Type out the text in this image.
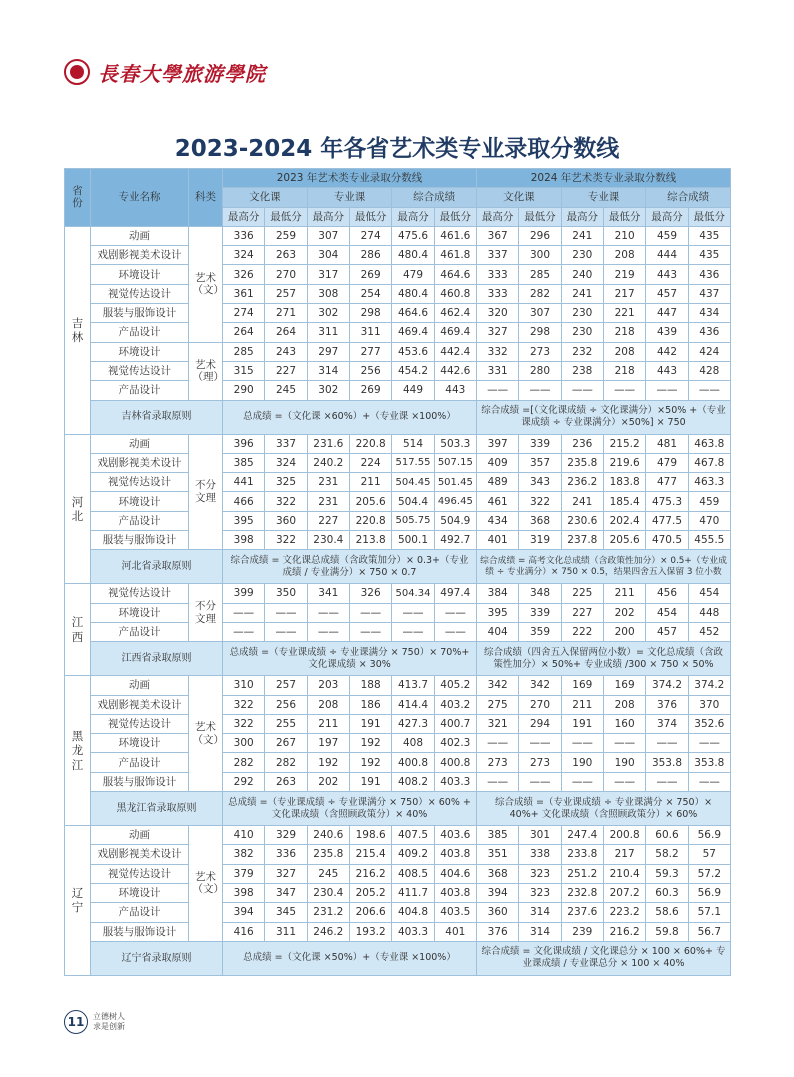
長春大學旅游學院
2023-2024 年各省艺术类专业录取分数线
省份	专业名称	科类	2023 年艺术类专业录取分数线						2024 年艺术类专业录取分数线					
			文化课		专业课		综合成绩		文化课		专业课		综合成绩	
			最高分	最低分	最高分	最低分	最高分	最低分	最高分	最低分	最高分	最低分	最高分	最低分
吉林	动画	艺术（文）	336	259	307	274	475.6	461.6	367	296	241	210	459	435
	戏剧影视美术设计		324	263	304	286	480.4	461.8	337	300	230	208	444	435
	环境设计		326	270	317	269	479	464.6	333	285	240	219	443	436
	视觉传达设计		361	257	308	254	480.4	460.8	333	282	241	217	457	437
	服装与服饰设计		274	271	302	298	464.6	462.4	320	307	230	221	447	434
	产品设计		264	264	311	311	469.4	469.4	327	298	230	218	439	436
	环境设计	艺术（理）	285	243	297	277	453.6	442.4	332	273	232	208	442	424
	视觉传达设计		315	227	314	256	454.2	442.6	331	280	238	218	443	428
	产品设计		290	245	302	269	449	443	——	——	——	——	——	——
	吉林省录取原则		总成绩 =（文化课 ×60%）+（专业课 ×100%）						综合成绩 =[（文化课成绩 ÷ 文化课满分）×50% +（专业课成绩 ÷ 专业课满分）×50%] × 750					

河北	动画	不分文理	396	337	231.6	220.8	514	503.3	397	339	236	215.2	481	463.8
	戏剧影视美术设计		385	324	240.2	224	517.55	507.15	409	357	235.8	219.6	479	467.8
	视觉传达设计		441	325	231	211	504.45	501.45	489	343	236.2	183.8	477	463.3
	环境设计		466	322	231	205.6	504.4	496.45	461	322	241	185.4	475.3	459
	产品设计		395	360	227	220.8	505.75	504.9	434	368	230.6	202.4	477.5	470
	服装与服饰设计		398	322	230.4	213.8	500.1	492.7	401	319	237.8	205.6	470.5	455.5
	河北省录取原则		综合成绩 = 文化课总成绩（含政策加分）× 0.3+（专业成绩 / 专业满分）× 750 × 0.7						综合成绩 = 高考文化总成绩（含政策性加分）× 0.5+（专业成绩 ÷ 专业满分）× 750 × 0.5，结果四舍五入保留 3 位小数					

江西	视觉传达设计	不分文理	399	350	341	326	504.34	497.4	384	348	225	211	456	454
	环境设计		——	——	——	——	——	——	395	339	227	202	454	448
	产品设计		——	——	——	——	——	——	404	359	222	200	457	452
	江西省录取原则		总成绩 =（专业课成绩 ÷ 专业课满分 × 750）× 70%+ 文化课成绩 × 30%						综合成绩（四舍五入保留两位小数）= 文化总成绩（含政策性加分）× 50%+ 专业成绩 /300 × 750 × 50%					

黑龙江	动画	艺术（文）	310	257	203	188	413.7	405.2	342	342	169	169	374.2	374.2
	戏剧影视美术设计		322	256	208	186	414.4	403.2	275	270	211	208	376	370
	视觉传达设计		322	255	211	191	427.3	400.7	321	294	191	160	374	352.6
	环境设计		300	267	197	192	408	402.3	——	——	——	——	——	——
	产品设计		282	282	192	192	400.8	400.8	273	273	190	190	353.8	353.8
	服装与服饰设计		292	263	202	191	408.2	403.3	——	——	——	——	——	——
	黑龙江省录取原则		总成绩 =（专业课成绩 ÷ 专业课满分 × 750）× 60% + 文化课成绩（含照顾政策分）× 40%						综合成绩 =（专业课成绩 ÷ 专业课满分 × 750）× 40%+ 文化课成绩（含照顾政策分）× 60%					

辽宁	动画	艺术（文）	410	329	240.6	198.6	407.5	403.6	385	301	247.4	200.8	60.6	56.9
	戏剧影视美术设计		382	336	235.8	215.4	409.2	403.8	351	338	233.8	217	58.2	57
	视觉传达设计		379	327	245	216.2	408.5	404.6	368	323	251.2	210.4	59.3	57.2
	环境设计		398	347	230.4	205.2	411.7	403.8	394	323	232.8	207.2	60.3	56.9
	产品设计		394	345	231.2	206.6	404.8	403.5	360	314	237.6	223.2	58.6	57.1
	服装与服饰设计		416	311	246.2	193.2	403.3	401	376	314	239	216.2	59.8	56.7
	辽宁省录取原则		总成绩 =（文化课 ×50%）+（专业课 ×100%）						综合成绩 = 文化课成绩 / 文化课总分 × 100 × 60%+ 专业课成绩 / 专业课总分 × 100 × 40%					
11	立德树人
求是创新
